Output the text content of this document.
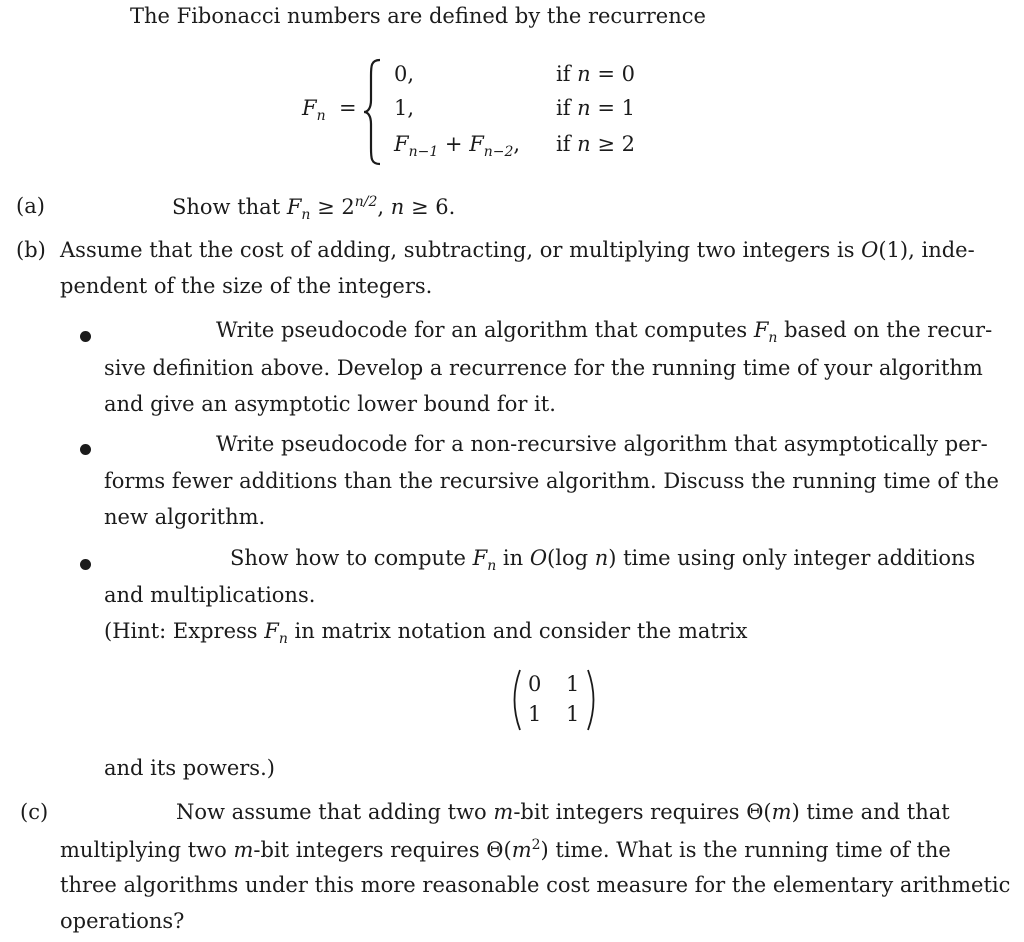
The Fibonacci numbers are defined by the recurrence
$F_n$  =
0,
1,
$F_{n-1} + F_{n-2}$,
if n = 0
if n = 1
if n ≥ 2
(a)	Show that $F_n \ge 2^{n/2}$, n ≥ 6.
(b) Assume that the cost of adding, subtracting, or multiplying two integers is O(1), inde-
pendent of the size of the integers.
Write pseudocode for an algorithm that computes $F_n$ based on the recur-
sive definition above. Develop a recurrence for the running time of your algorithm
and give an asymptotic lower bound for it.
Write pseudocode for a non-recursive algorithm that asymptotically per-
forms fewer additions than the recursive algorithm. Discuss the running time of the
new algorithm.
Show how to compute $F_n$ in O(log n) time using only integer additions
and multiplications.
(Hint: Express $F_n$ in matrix notation and consider the matrix
0 1
1 1
and its powers.)
(c)	Now assume that adding two m-bit integers requires Θ(m) time and that
multiplying two m-bit integers requires $\Theta(m^2)$ time. What is the running time of the
three algorithms under this more reasonable cost measure for the elementary arithmetic
operations?
